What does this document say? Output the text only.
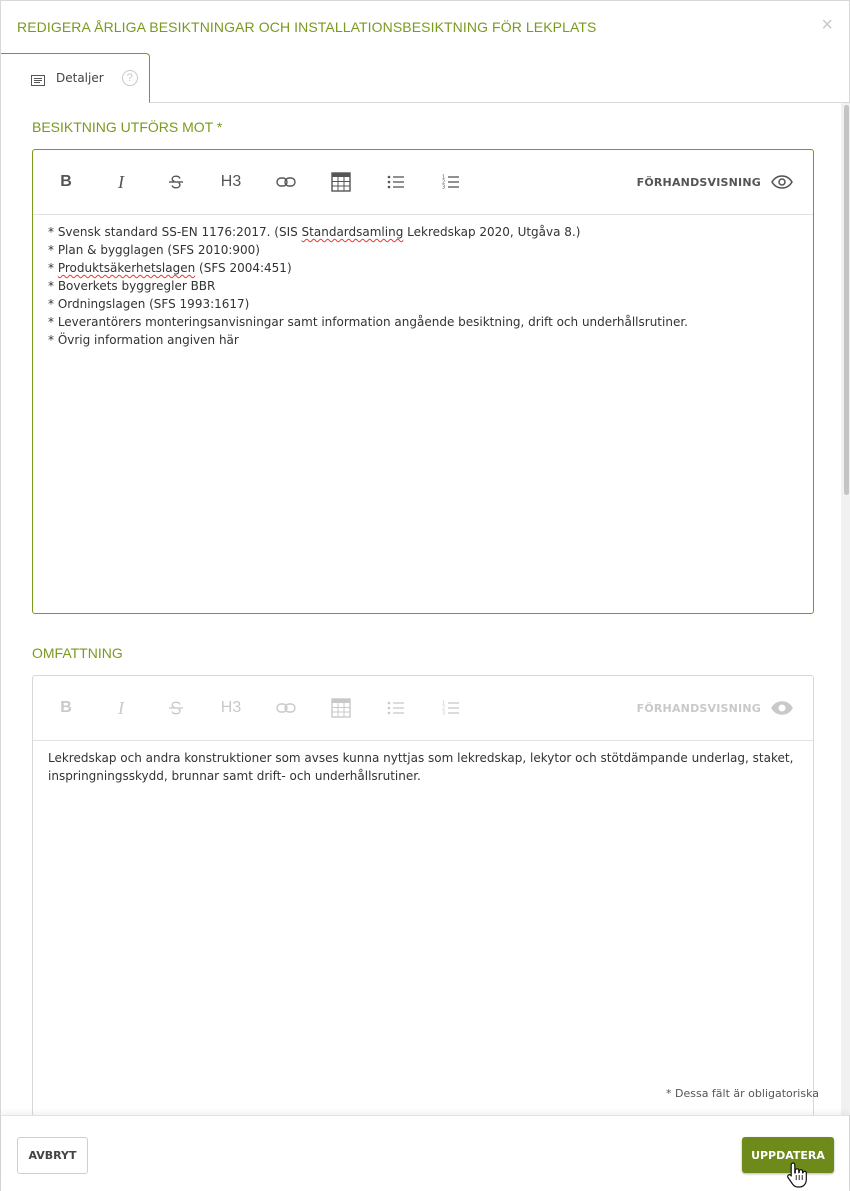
REDIGERA ÅRLIGA BESIKTNINGAR OCH INSTALLATIONSBESIKTNING FÖR LEKPLATS	×
Detaljer	?
BESIKTNING UTFÖRS MOT *
B	I	H3	1
2
3	FÖRHANDSVISNING
* Svensk standard SS-EN 1176:2017. (SIS Standardsamling Lekredskap 2020, Utgåva 8.)
* Plan & bygglagen (SFS 2010:900)
* Produktsäkerhetslagen (SFS 2004:451)
* Boverkets byggregler BBR
* Ordningslagen (SFS 1993:1617)
* Leverantörers monteringsanvisningar samt information angående besiktning, drift och underhållsrutiner.
* Övrig information angiven här
OMFATTNING
B	I	H3	1
2
3	FÖRHANDSVISNING
Lekredskap och andra konstruktioner som avses kunna nyttjas som lekredskap, lekytor och stötdämpande underlag, staket, inspringningsskydd, brunnar samt drift- och underhållsrutiner.
* Dessa fält är obligatoriska
AVBRYT	UPPDATERA
